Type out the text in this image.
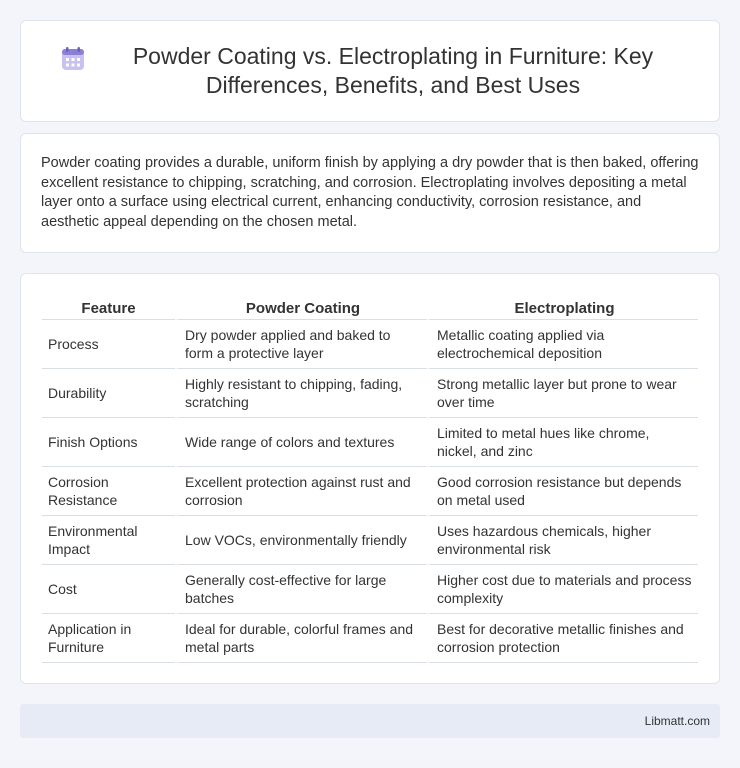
Powder Coating vs. Electroplating in Furniture: Key Differences, Benefits, and Best Uses

Powder coating provides a durable, uniform finish by applying a dry powder that is then baked, offering excellent resistance to chipping, scratching, and corrosion. Electroplating involves depositing a metal layer onto a surface using electrical current, enhancing conductivity, corrosion resistance, and aesthetic appeal depending on the chosen metal.

Feature	Powder Coating	Electroplating
Process	Dry powder applied and baked to form a protective layer	Metallic coating applied via electrochemical deposition
Durability	Highly resistant to chipping, fading, scratching	Strong metallic layer but prone to wear over time
Finish Options	Wide range of colors and textures	Limited to metal hues like chrome, nickel, and zinc
Corrosion Resistance	Excellent protection against rust and corrosion	Good corrosion resistance but depends on metal used
Environmental Impact	Low VOCs, environmentally friendly	Uses hazardous chemicals, higher environmental risk
Cost	Generally cost-effective for large batches	Higher cost due to materials and process complexity
Application in Furniture	Ideal for durable, colorful frames and metal parts	Best for decorative metallic finishes and corrosion protection
Libmatt.com
